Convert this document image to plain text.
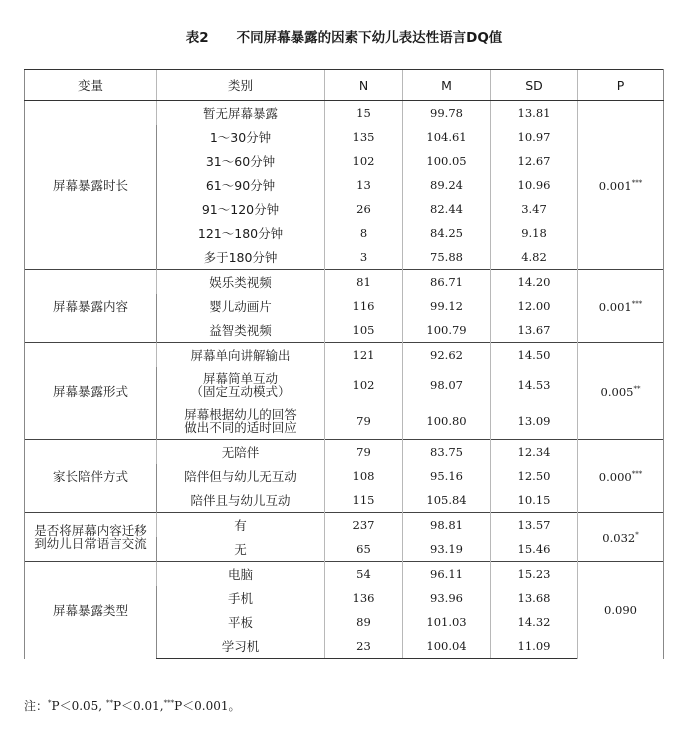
表2 不同屏幕暴露的因素下幼儿表达性语言DQ值
变量	类别	N	M	SD	P
屏幕暴露时长	暂无屏幕暴露	15	99.78	13.81	0.001***
	1～30分钟	135	104.61	10.97	
	31～60分钟	102	100.05	12.67	
	61～90分钟	13	89.24	10.96	
	91～120分钟	26	82.44	3.47	
	121～180分钟	8	84.25	9.18	
	多于180分钟	3	75.88	4.82	
屏幕暴露内容	娱乐类视频	81	86.71	14.20	0.001***
	婴儿动画片	116	99.12	12.00	
	益智类视频	105	100.79	13.67	
屏幕暴露形式	屏幕单向讲解输出	121	92.62	14.50	0.005**
	屏幕简单互动
（固定互动模式）	102	98.07	14.53	
	屏幕根据幼儿的回答
做出不同的适时回应	79	100.80	13.09	
家长陪伴方式	无陪伴	79	83.75	12.34	0.000***
	陪伴但与幼儿无互动	108	95.16	12.50	
	陪伴且与幼儿互动	115	105.84	10.15	
是否将屏幕内容迁移到幼儿日常语言交流	有	237	98.81	13.57	0.032*
	无	65	93.19	15.46	
屏幕暴露类型	电脑	54	96.11	15.23	0.090
	手机	136	93.96	13.68	
	平板	89	101.03	14.32	
	学习机	23	100.04	11.09	
注：*P＜0.05, **P＜0.01,***P＜0.001。
